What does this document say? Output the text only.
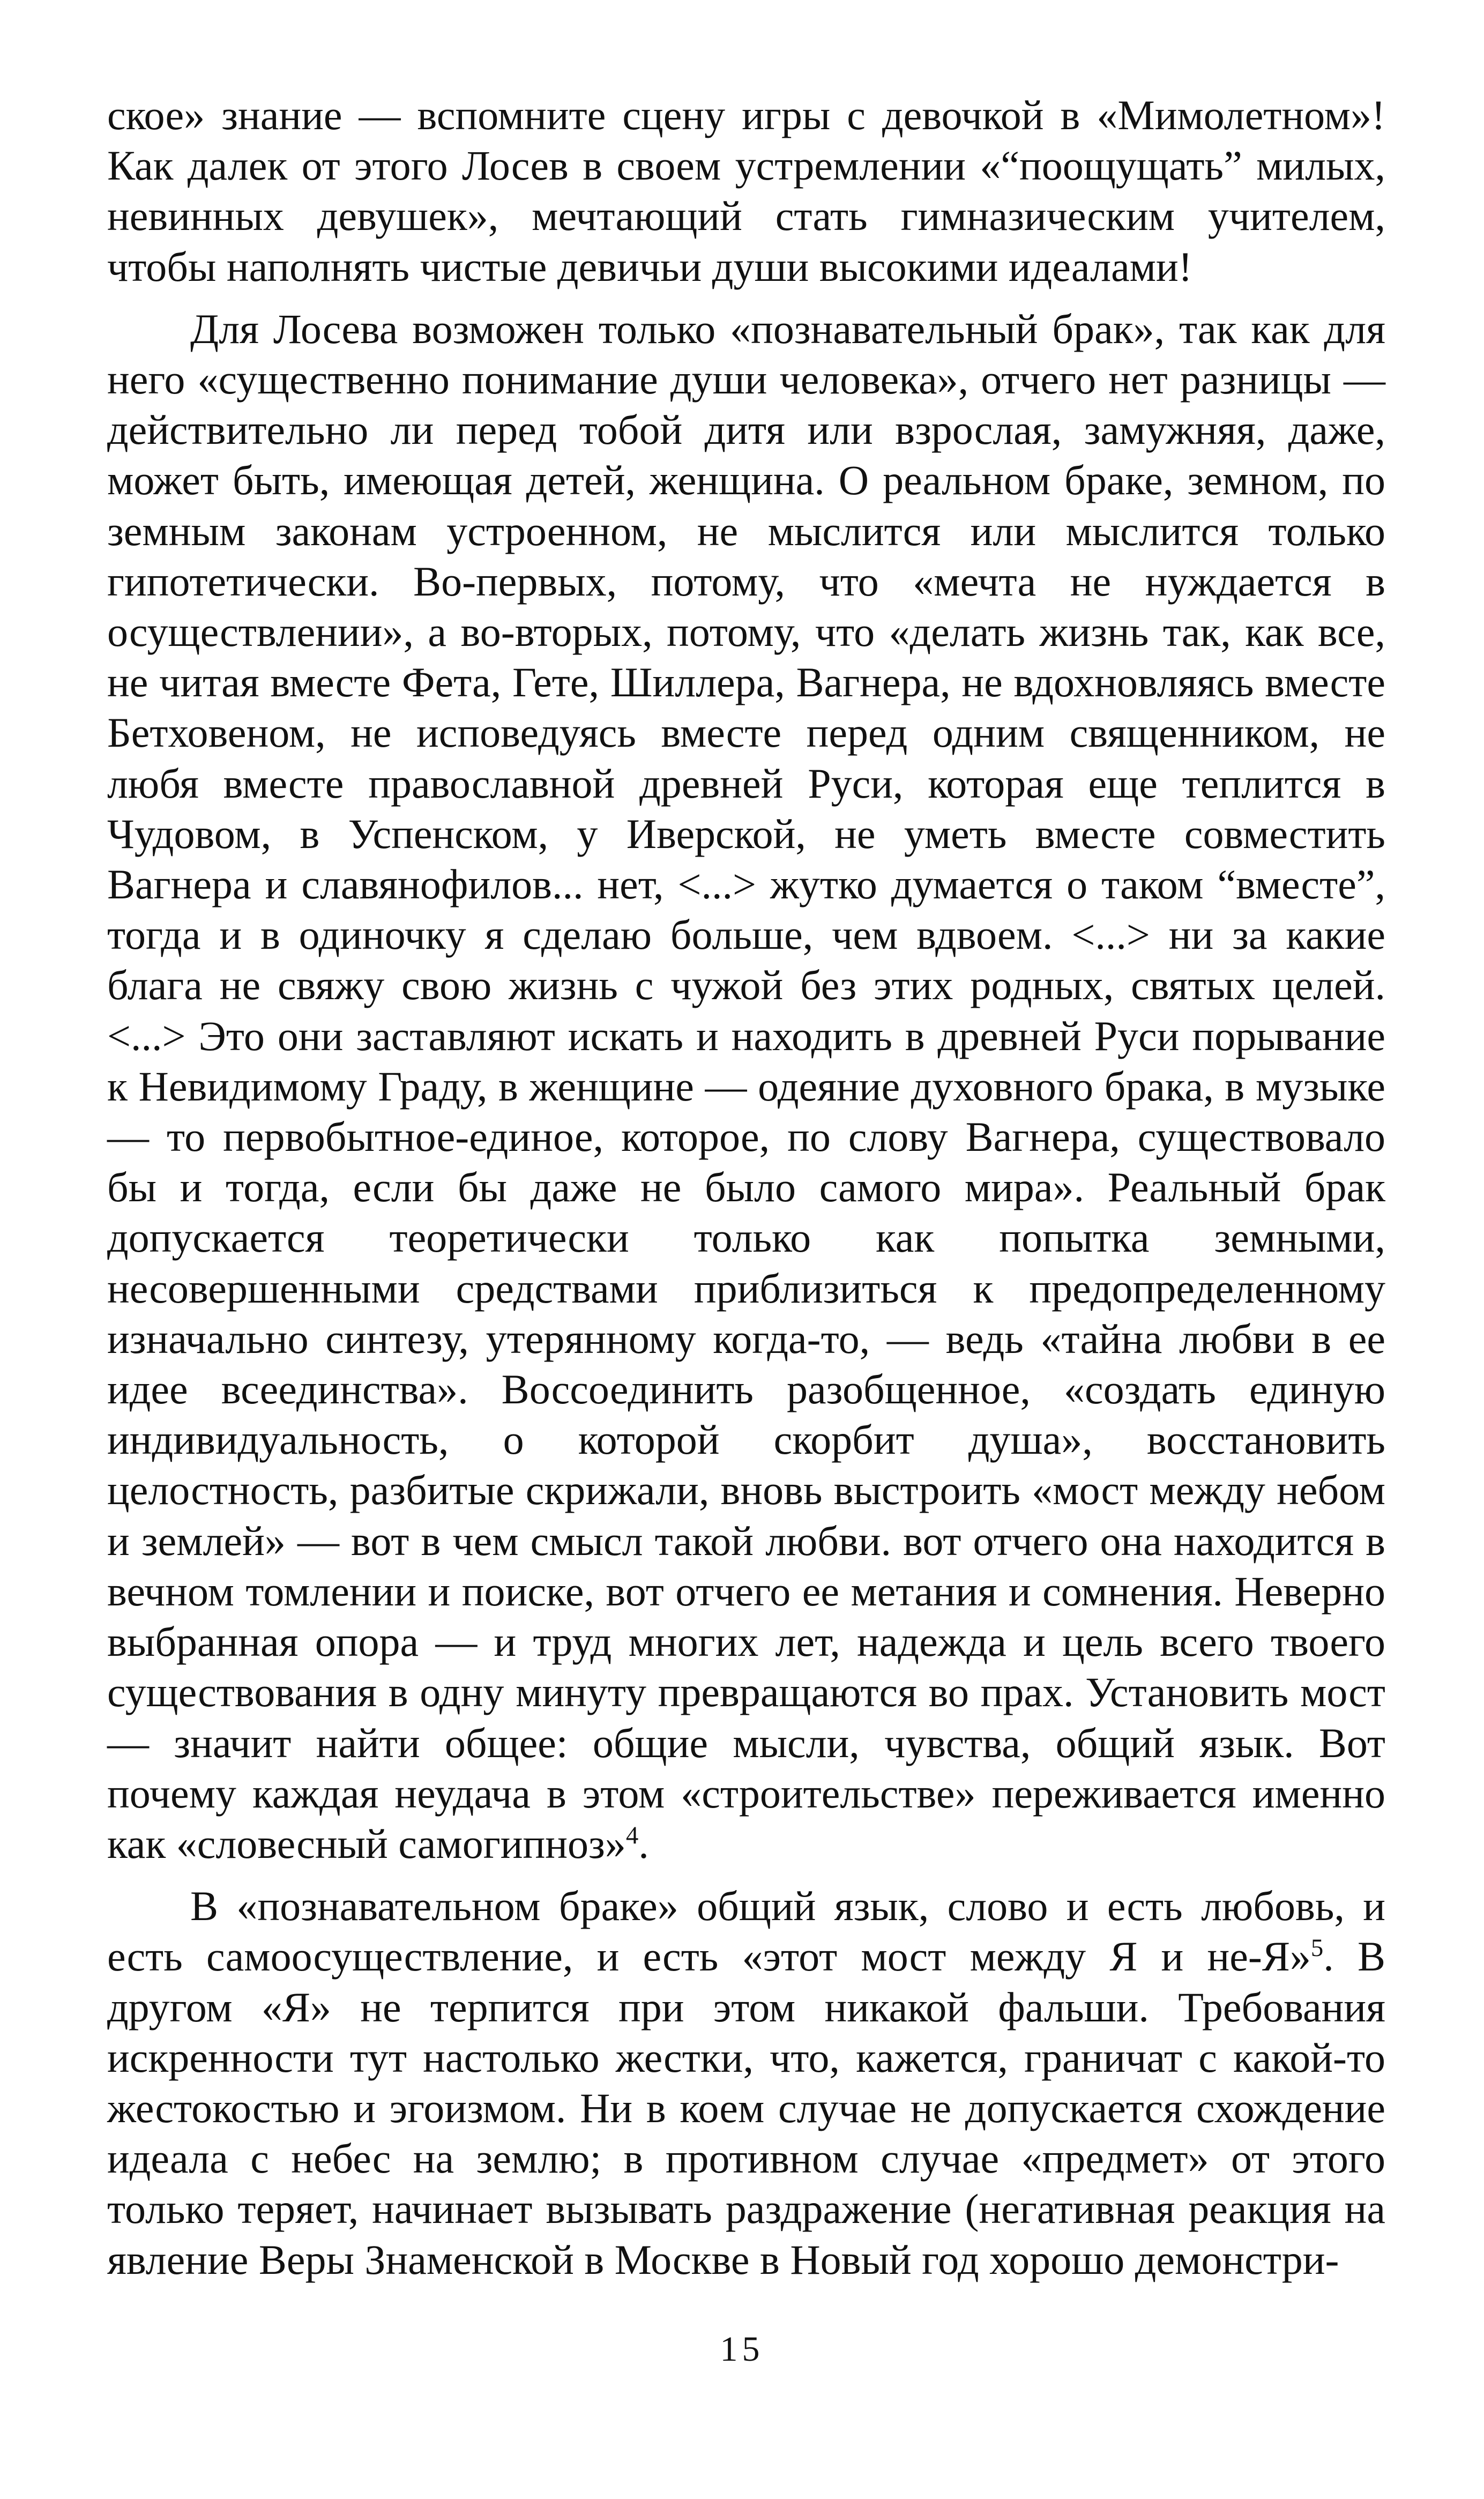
ское» знание — вспомните сцену игры с девочкой в «Мимолетном»! Как далек от этого Лосев в своем устремлении «“поощущать” милых, невинных девушек», мечтающий стать гимназическим учителем, чтобы наполнять чистые девичьи души высокими идеалами!

Для Лосева возможен только «познавательный брак», так как для него «существенно понимание души человека», отчего нет разницы — действительно ли перед тобой дитя или взрослая, замужняя, даже, может быть, имеющая детей, женщина. О реальном браке, земном, по земным законам устроенном, не мыслится или мыслится только гипотетически. Во-первых, потому, что «мечта не нуждается в осуществлении», а во-вторых, потому, что «делать жизнь так, как все, не читая вместе Фета, Гете, Шиллера, Вагнера, не вдохновляясь вместе Бетховеном, не исповедуясь вместе перед одним священником, не любя вместе православной древней Руси, которая еще теплится в Чудовом, в Успенском, у Иверской, не уметь вместе совместить Вагнера и славянофилов... нет, <...> жутко думается о таком “вместе”, тогда и в одиночку я сделаю больше, чем вдвоем. <...> ни за какие блага не свяжу свою жизнь с чужой без этих родных, святых целей. <...> Это они заставляют искать и находить в древней Руси порывание к Невидимому Граду, в женщине — одеяние духовного брака, в музыке — то первобытное-единое, которое, по слову Вагнера, существовало бы и тогда, если бы даже не было самого мира». Реальный брак допускается теоретически только как попытка земными, несовершенными средствами приблизиться к предопределенному изначально синтезу, утерянному когда-то, — ведь «тайна любви в ее идее всеединства». Воссоединить разобщенное, «создать единую индивидуальность, о которой скорбит душа», восстановить целостность, разбитые скрижали, вновь выстроить «мост между небом и землей» — вот в чем смысл такой любви. вот отчего она находится в вечном томлении и поиске, вот отчего ее метания и сомнения. Неверно выбранная опора — и труд многих лет, надежда и цель всего твоего существования в одну минуту превращаются во прах. Установить мост — значит найти общее: общие мысли, чувства, общий язык. Вот почему каждая неудача в этом «строительстве» переживается именно как «словесный самогипноз»$^4$.

В «познавательном браке» общий язык, слово и есть любовь, и есть самоосуществление, и есть «этот мост между Я и не-Я»$^5$. В другом «Я» не терпится при этом никакой фальши. Требования искренности тут настолько жестки, что, кажется, граничат с какой-то жестокостью и эгоизмом. Ни в коем случае не допускается схождение идеала с небес на землю; в противном случае «предмет» от этого только теряет, начинает вызывать раздражение (негативная реакция на явление Веры Знаменской в Москве в Новый год хорошо демонстри-

15
